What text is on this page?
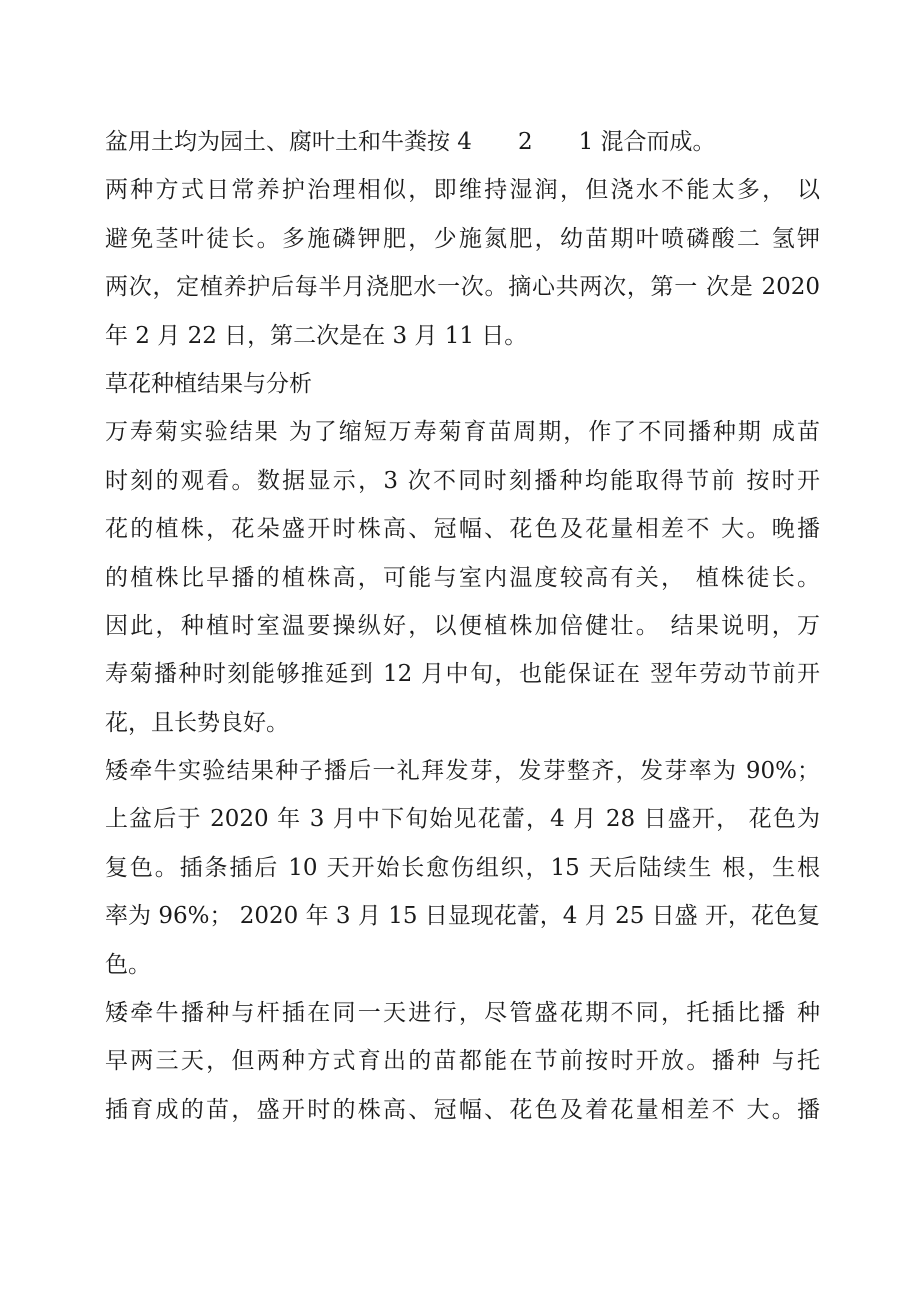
盆用土均为园土、腐叶土和牛粪按 4　　2　　1 混合而成。
两种方式日常养护治理相似，即维持湿润，但浇水不能太多， 以
避免茎叶徒长。多施磷钾肥，少施氮肥，幼苗期叶喷磷酸二 氢钾
两次，定植养护后每半月浇肥水一次。摘心共两次，第一 次是 2020
年 2 月 22 日，第二次是在 3 月 11 日。
草花种植结果与分析
万寿菊实验结果 为了缩短万寿菊育苗周期，作了不同播种期 成苗
时刻的观看。数据显示，3 次不同时刻播种均能取得节前 按时开
花的植株，花朵盛开时株高、冠幅、花色及花量相差不 大。晚播
的植株比早播的植株高，可能与室内温度较高有关， 植株徒长。
因此，种植时室温要操纵好，以便植株加倍健壮。 结果说明，万
寿菊播种时刻能够推延到 12 月中旬，也能保证在 翌年劳动节前开
花，且长势良好。
矮牵牛实验结果种子播后一礼拜发芽，发芽整齐，发芽率为 90%；
上盆后于 2020 年 3 月中下旬始见花蕾，4 月 28 日盛开， 花色为
复色。插条插后 10 天开始长愈伤组织，15 天后陆续生 根，生根
率为 96%； 2020 年 3 月 15 日显现花蕾，4 月 25 日盛 开，花色复
色。
矮牵牛播种与杆插在同一天进行，尽管盛花期不同，托插比播 种
早两三天，但两种方式育出的苗都能在节前按时开放。播种 与托
插育成的苗，盛开时的株高、冠幅、花色及着花量相差不 大。播
